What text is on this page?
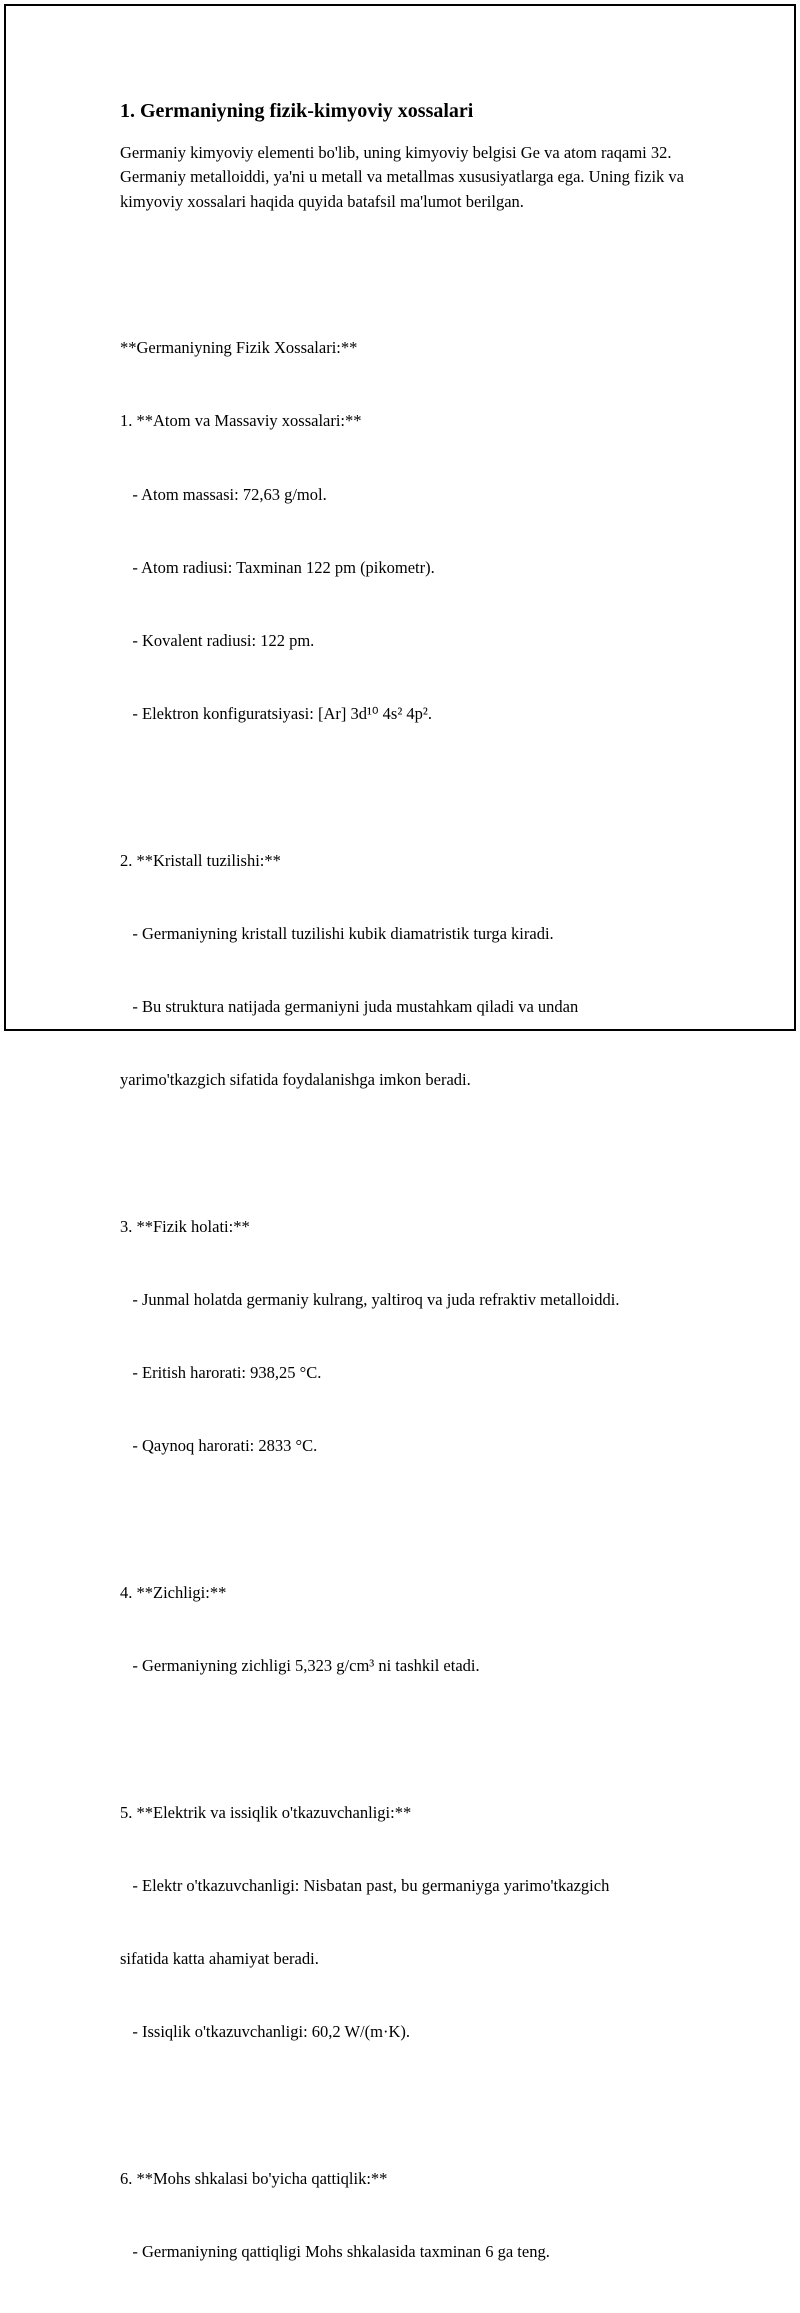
1. Germaniyning fizik-kimyoviy xossalari

Germaniy kimyoviy elementi bo'lib, uning kimyoviy belgisi Ge va atom raqami 32. Germaniy metalloiddi, ya'ni u metall va metallmas xususiyatlarga ega. Uning fizik va kimyoviy xossalari haqida quyida batafsil ma'lumot berilgan.

**Germaniyning Fizik Xossalari:**

1. **Atom va Massaviy xossalari:**

- Atom massasi: 72,63 g/mol.

- Atom radiusi: Taxminan 122 pm (pikometr).

- Kovalent radiusi: 122 pm.

- Elektron konfiguratsiyasi: [Ar] 3d¹⁰ 4s² 4p².

2. **Kristall tuzilishi:**

- Germaniyning kristall tuzilishi kubik diamatristik turga kiradi.

- Bu struktura natijada germaniyni juda mustahkam qiladi va undan

yarimo'tkazgich sifatida foydalanishga imkon beradi.

3. **Fizik holati:**

- Junmal holatda germaniy kulrang, yaltiroq va juda refraktiv metalloiddi.

- Eritish harorati: 938,25 °C.

- Qaynoq harorati: 2833 °C.

4. **Zichligi:**

- Germaniyning zichligi 5,323 g/cm³ ni tashkil etadi.

5. **Elektrik va issiqlik o'tkazuvchanligi:**

- Elektr o'tkazuvchanligi: Nisbatan past, bu germaniyga yarimo'tkazgich

sifatida katta ahamiyat beradi.

- Issiqlik o'tkazuvchanligi: 60,2 W/(m·K).

6. **Mohs shkalasi bo'yicha qattiqlik:**

- Germaniyning qattiqligi Mohs shkalasida taxminan 6 ga teng.
